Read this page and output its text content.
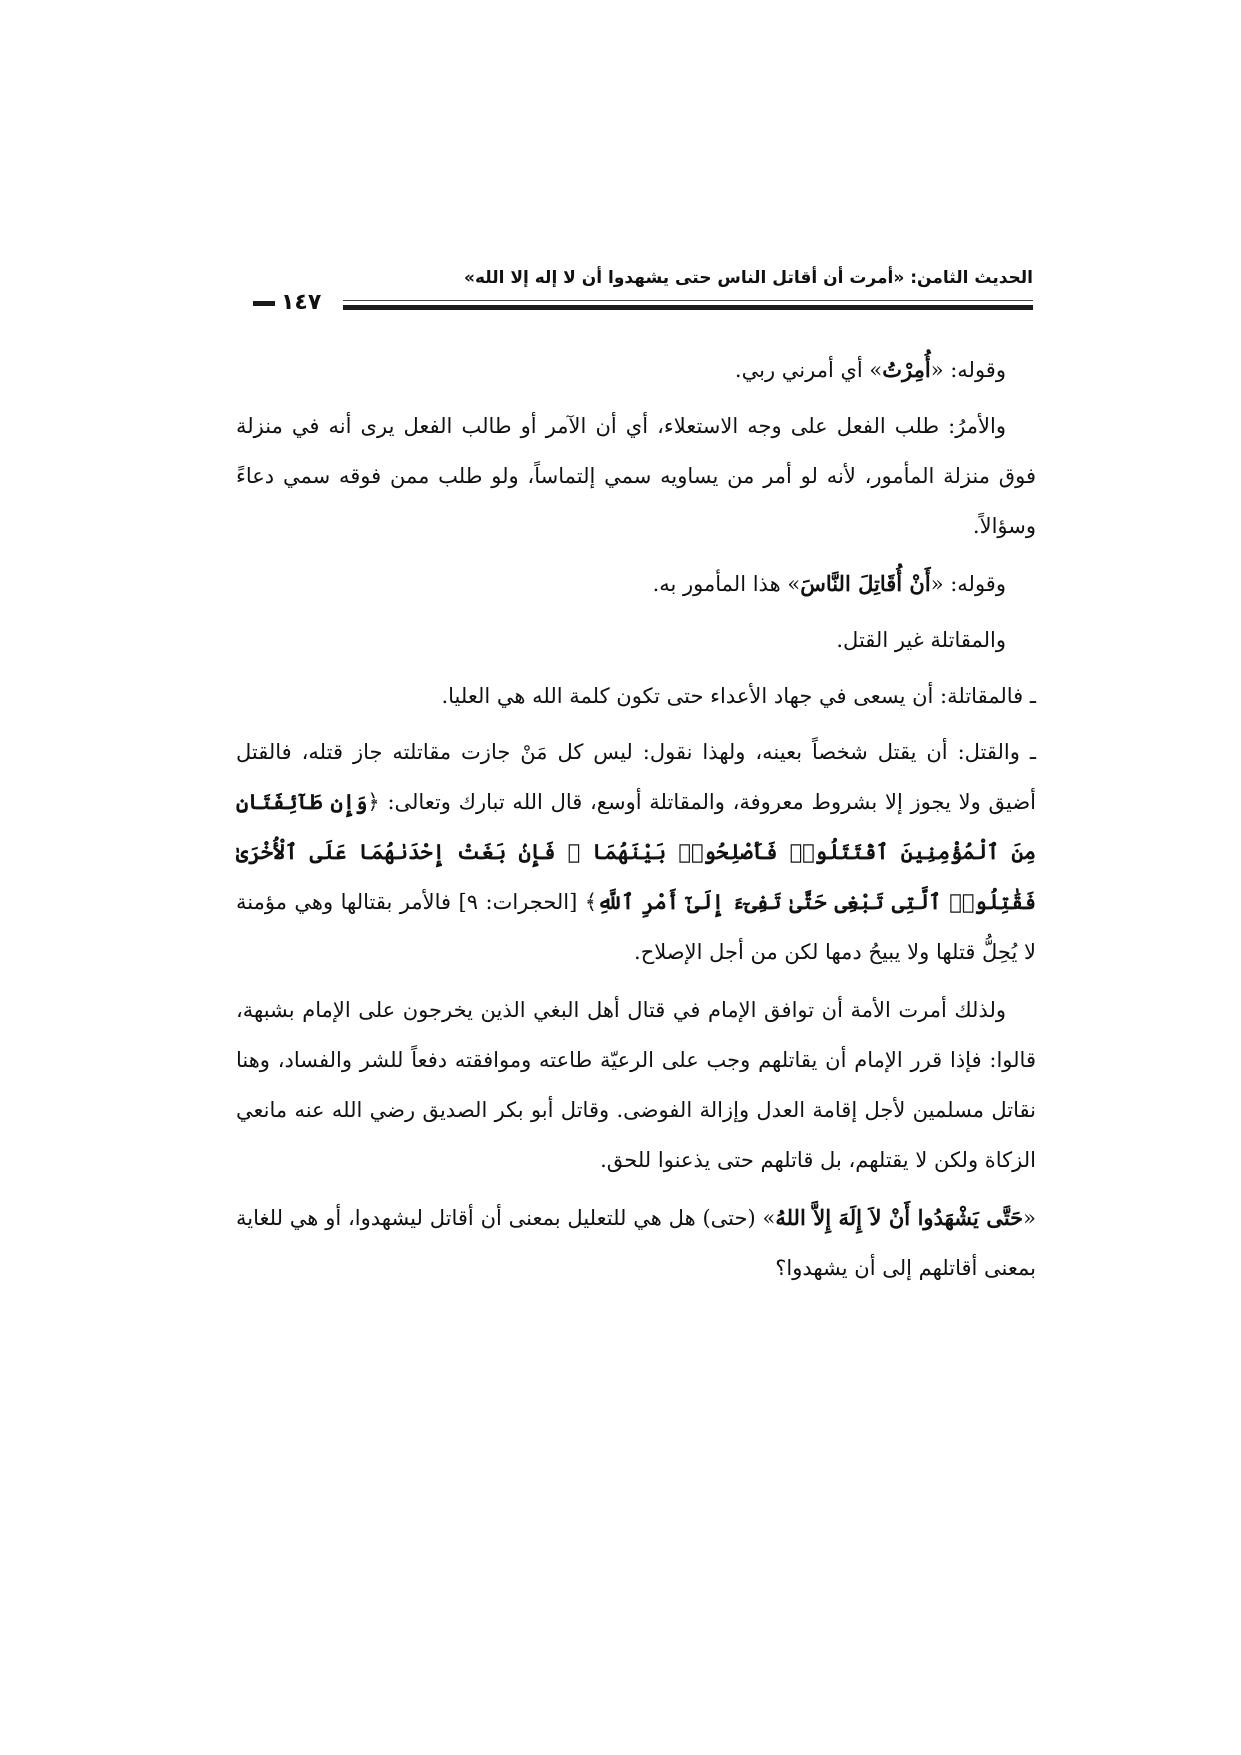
الحديث الثامن: «أمرت أن أقاتل الناس حتى يشهدوا أن لا إله إلا الله»
١٤٧

وقوله: «أُمِرْتُ» أي أمرني ربي.

والأمرُ: طلب الفعل على وجه الاستعلاء، أي أن الآمر أو طالب الفعل يرى أنه في منزلة فوق منزلة المأمور، لأنه لو أمر من يساويه سمي إلتماساً، ولو طلب ممن فوقه سمي دعاءً وسؤالاً.

وقوله: «أَنْ أُقَاتِلَ النَّاسَ» هذا المأمور به.

والمقاتلة غير القتل.

ـ فالمقاتلة: أن يسعى في جهاد الأعداء حتى تكون كلمة الله هي العليا.

ـ والقتل: أن يقتل شخصاً بعينه، ولهذا نقول: ليس كل مَنْ جازت مقاتلته جاز قتله، فالقتل أضيق ولا يجوز إلا بشروط معروفة، والمقاتلة أوسع، قال الله تبارك وتعالى: ﴿وَإِن طَآئِفَتَانِ مِنَ ٱلْمُؤْمِنِينَ ٱقْتَتَلُوا۟ فَأَصْلِحُوا۟ بَيْنَهُمَا ۖ فَإِنۢ بَغَتْ إِحْدَىٰهُمَا عَلَى ٱلْأُخْرَىٰ فَقَٰتِلُوا۟ ٱلَّتِى تَبْغِى حَتَّىٰ تَفِىٓءَ إِلَىٰٓ أَمْرِ ٱللَّهِ﴾ [الحجرات: ٩] فالأمر بقتالها وهي مؤمنة لا يُحِلُّ قتلها ولا يبيحُ دمها لكن من أجل الإصلاح.

ولذلك أمرت الأمة أن توافق الإمام في قتال أهل البغي الذين يخرجون على الإمام بشبهة، قالوا: فإذا قرر الإمام أن يقاتلهم وجب على الرعيّة طاعته وموافقته دفعاً للشر والفساد، وهنا نقاتل مسلمين لأجل إقامة العدل وإزالة الفوضى. وقاتل أبو بكر الصديق رضي الله عنه مانعي الزكاة ولكن لا يقتلهم، بل قاتلهم حتى يذعنوا للحق.

«حَتَّى يَشْهَدُوا أَنْ لاَ إِلَهَ إِلاَّ اللهُ» (حتى) هل هي للتعليل بمعنى أن أقاتل ليشهدوا، أو هي للغاية بمعنى أقاتلهم إلى أن يشهدوا؟
